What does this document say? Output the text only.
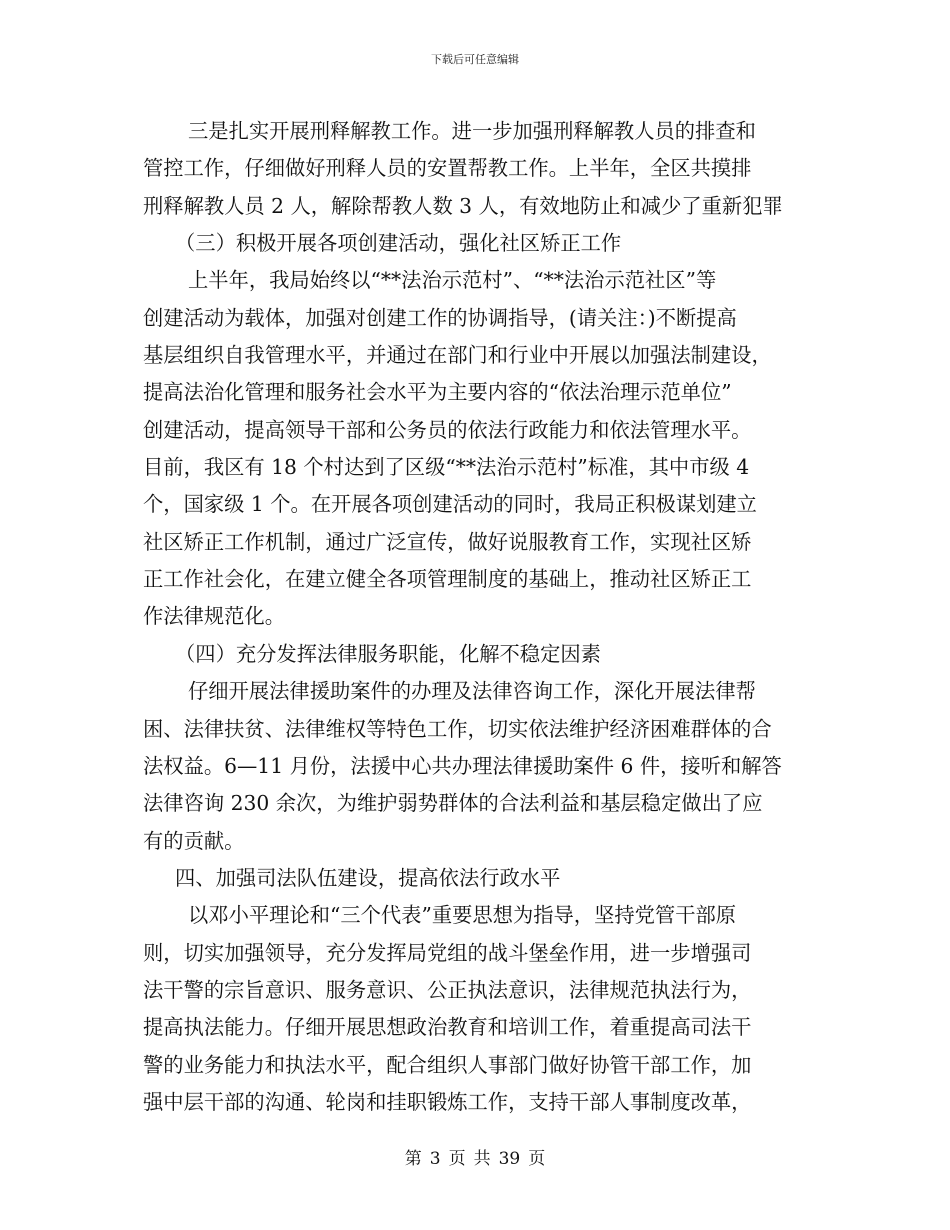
下载后可任意编辑
三是扎实开展刑释解教工作。进一步加强刑释解教人员的排查和
管控工作，仔细做好刑释人员的安置帮教工作。上半年，全区共摸排
刑释解教人员 2 人，解除帮教人数 3 人，有效地防止和减少了重新犯罪
（三）积极开展各项创建活动，强化社区矫正工作
上半年，我局始终以“**法治示范村”、“**法治示范社区”等
创建活动为载体，加强对创建工作的协调指导，(请关注：)不断提高
基层组织自我管理水平，并通过在部门和行业中开展以加强法制建设，
提高法治化管理和服务社会水平为主要内容的“依法治理示范单位”
创建活动，提高领导干部和公务员的依法行政能力和依法管理水平。
目前，我区有 18 个村达到了区级“**法治示范村”标准，其中市级 4
个，国家级 1 个。在开展各项创建活动的同时，我局正积极谋划建立
社区矫正工作机制，通过广泛宣传，做好说服教育工作，实现社区矫
正工作社会化，在建立健全各项管理制度的基础上，推动社区矫正工
作法律规范化。
（四）充分发挥法律服务职能，化解不稳定因素
仔细开展法律援助案件的办理及法律咨询工作，深化开展法律帮
困、法律扶贫、法律维权等特色工作，切实依法维护经济困难群体的合
法权益。6—11 月份，法援中心共办理法律援助案件 6 件，接听和解答
法律咨询 230 余次，为维护弱势群体的合法利益和基层稳定做出了应
有的贡献。
四、加强司法队伍建设，提高依法行政水平
以邓小平理论和“三个代表”重要思想为指导，坚持党管干部原
则，切实加强领导，充分发挥局党组的战斗堡垒作用，进一步增强司
法干警的宗旨意识、服务意识、公正执法意识，法律规范执法行为，
提高执法能力。仔细开展思想政治教育和培训工作，着重提高司法干
警的业务能力和执法水平，配合组织人事部门做好协管干部工作，加
强中层干部的沟通、轮岗和挂职锻炼工作，支持干部人事制度改革，
第 3 页 共 39 页
